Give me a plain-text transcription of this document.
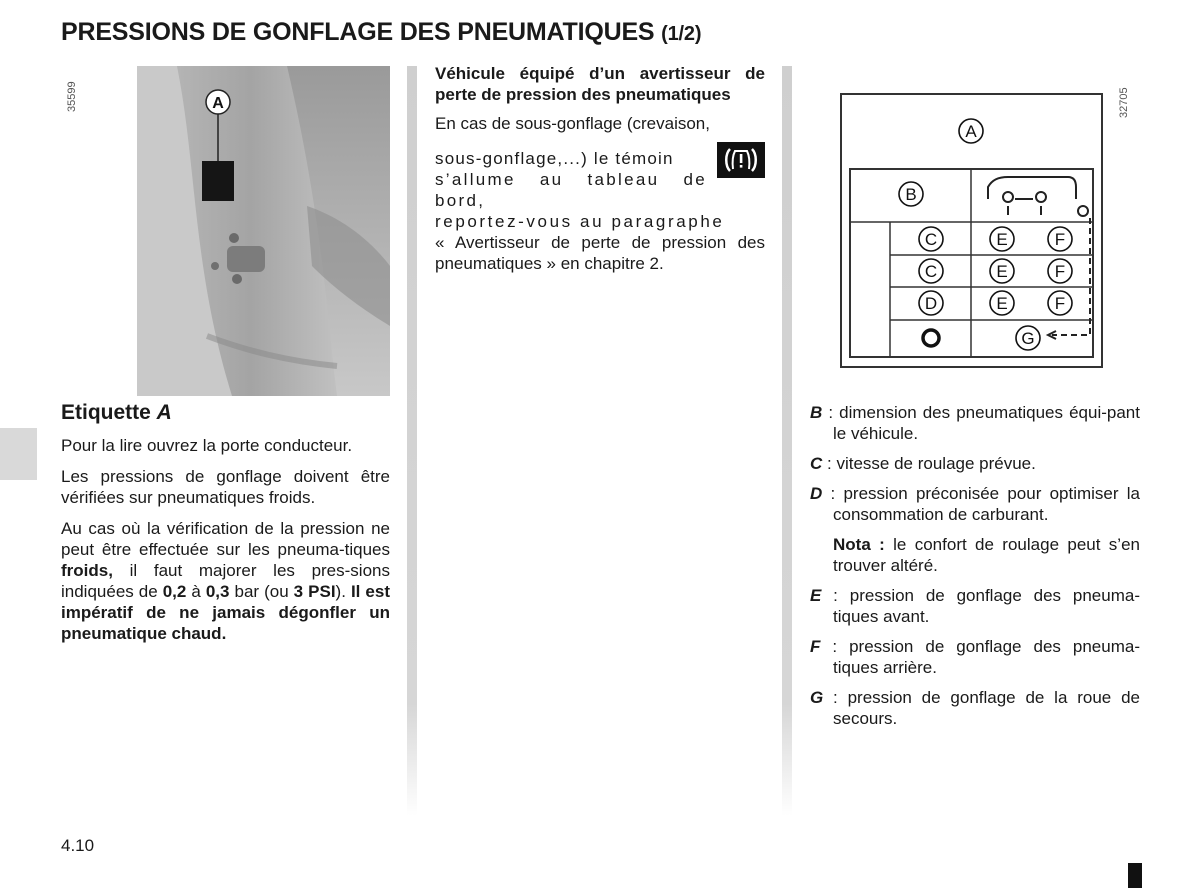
PRESSIONS DE GONFLAGE DES PNEUMATIQUES (1/2)
35599	32705
A
Etiquette A

Pour la lire ouvrez la porte conducteur.

Les pressions de gonflage doivent être vérifiées sur pneumatiques froids.

Au cas où la vérification de la pression ne peut être effectuée sur les pneuma-tiques froids, il faut majorer les pres-sions indiquées de 0,2 à 0,3 bar (ou 3 PSI). Il est impératif de ne jamais dégonfler un pneumatique chaud.

Véhicule équipé d’un avertisseur de perte de pression des pneumatiques

En cas de sous-gonflage (crevaison,

sous-gonflage,...) le témoin

s’allume au tableau de bord,

reportez-vous au paragraphe

« Avertisseur de perte de pression des pneumatiques » en chapitre 2.

A
B
C	E	F
C	E	F
D	E	F
G

B : dimension des pneumatiques équi-pant le véhicule.

C : vitesse de roulage prévue.

D : pression préconisée pour optimiser la consommation de carburant.

Nota : le confort de roulage peut s’en trouver altéré.

E : pression de gonflage des pneuma-tiques avant.

F : pression de gonflage des pneuma-tiques arrière.

G : pression de gonflage de la roue de secours.

4.10
